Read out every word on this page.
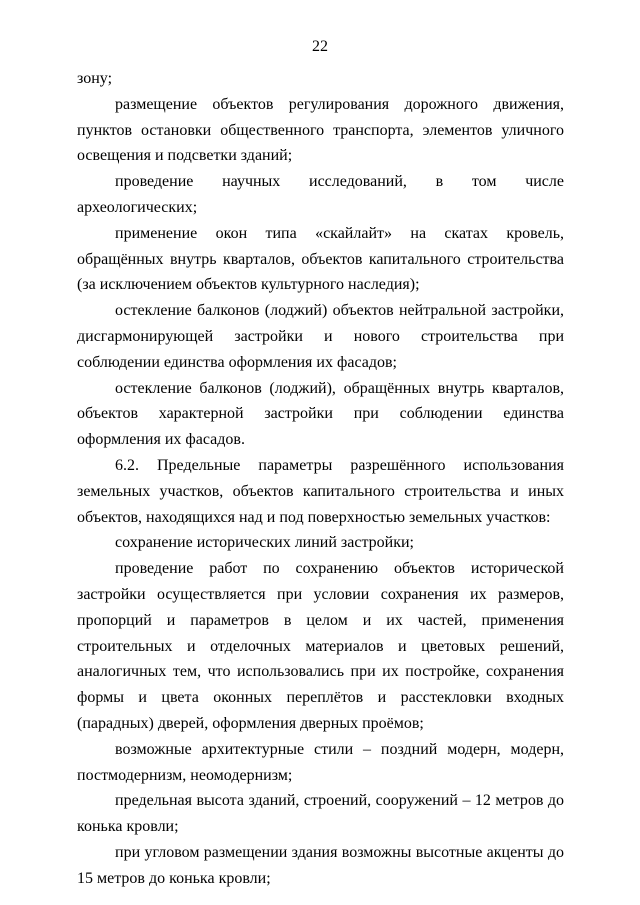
22

зону;

размещение объектов регулирования дорожного движения, пунктов остановки общественного транспорта, элементов уличного освещения и подсветки зданий;

проведение научных исследований, в том числе археологических;

применение окон типа «скайлайт» на скатах кровель, обращённых внутрь кварталов, объектов капитального строительства (за исключением объектов культурного наследия);

остекление балконов (лоджий) объектов нейтральной застройки, дисгармонирующей застройки и нового строительства при соблюдении единства оформления их фасадов;

остекление балконов (лоджий), обращённых внутрь кварталов, объектов характерной застройки при соблюдении единства оформления их фасадов.

6.2. Предельные параметры разрешённого использования земельных участков, объектов капитального строительства и иных объектов, находящихся над и под поверхностью земельных участков:

сохранение исторических линий застройки;

проведение работ по сохранению объектов исторической застройки осуществляется при условии сохранения их размеров, пропорций и параметров в целом и их частей, применения строительных и отделочных материалов и цветовых решений, аналогичных тем, что использовались при их постройке, сохранения формы и цвета оконных переплётов и расстекловки входных (парадных) дверей, оформления дверных проёмов;

возможные архитектурные стили – поздний модерн, модерн, постмодернизм, неомодернизм;

предельная высота зданий, строений, сооружений – 12 метров до конька кровли;

при угловом размещении здания возможны высотные акценты до 15 метров до конька кровли;
